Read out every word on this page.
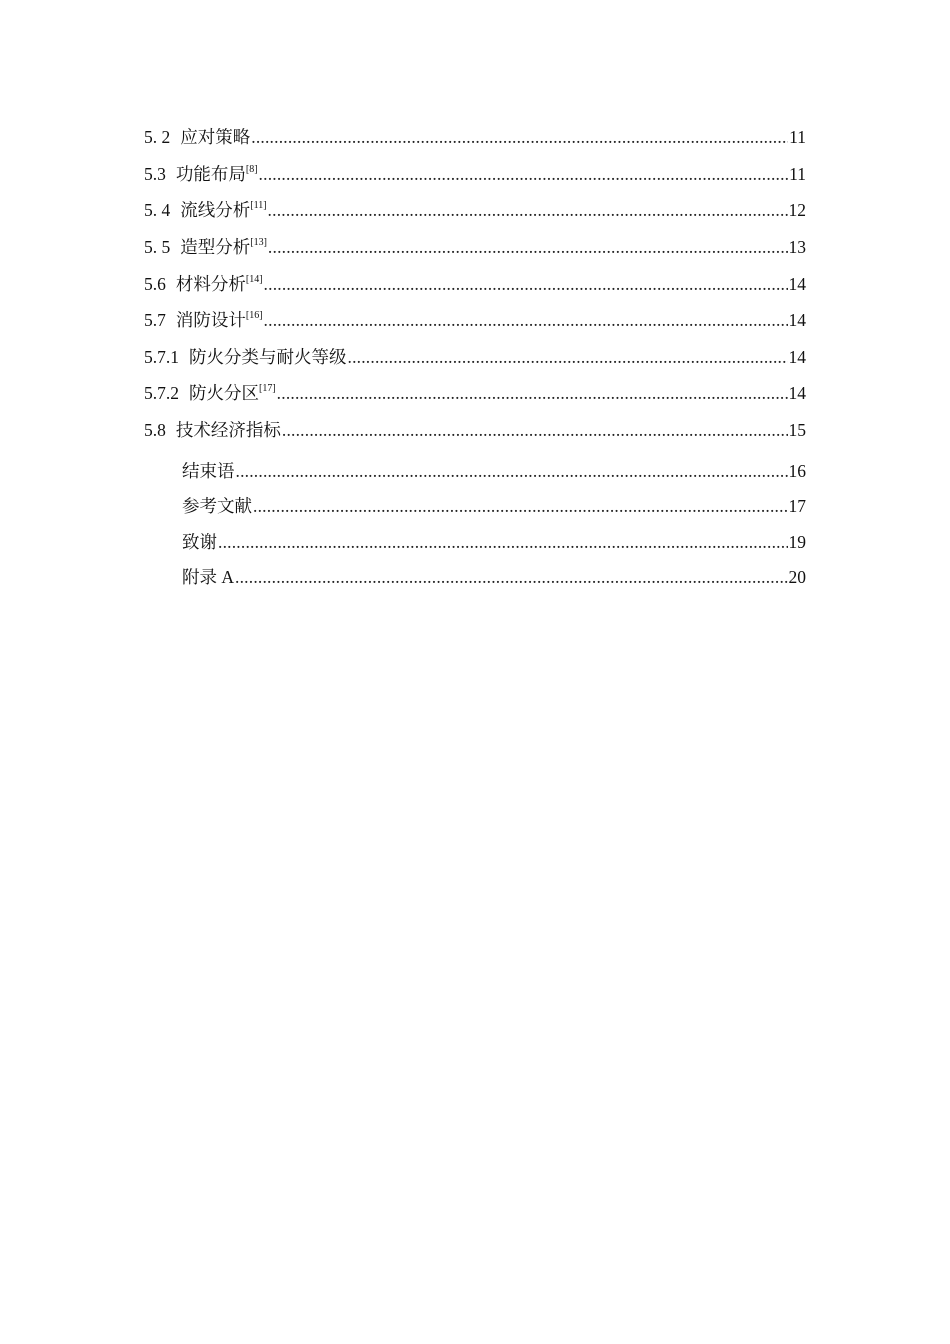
5. 2 应对策略 .....	11
5.3 功能布局 [8] .....	11
5. 4 流线分析 [11] .....	12
5. 5 造型分析 [13] .....	13
5.6 材料分析 [14] .....	14
5.7 消防设计 [16] .....	14
5.7.1 防火分类与耐火等级 .....	14
5.7.2 防火分区 [17] .....	14
5.8 技术经济指标 .....	15
结束语 .....	16
参考文献 .....	17
致谢 .....	19
附录 A .....	20
